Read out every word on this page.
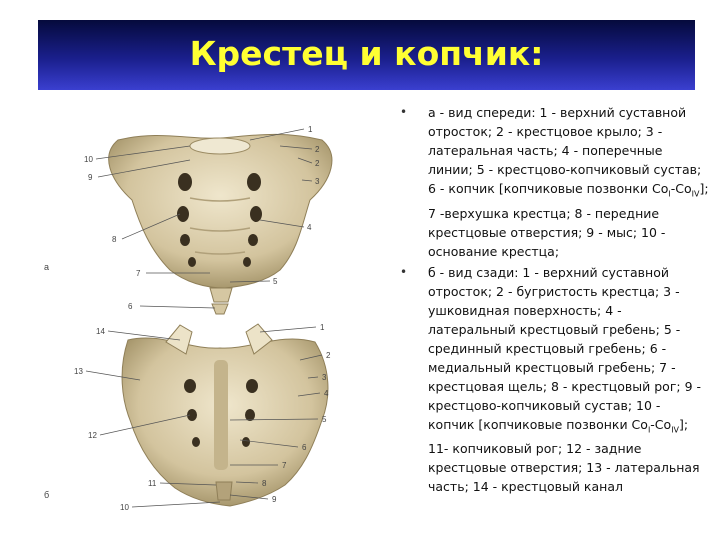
Крестец и копчик:
а
б
1
2
2
3
4
5
6
7
8
9
10
1
2
3
4
5
6
7
8
9
10
11
12
13
14
• а - вид спереди: 1 - верхний суставной отросток; 2 - крестцовое крыло; 3 - латеральная часть; 4 - поперечные линии; 5 - крестцово-копчиковый сустав; 6 - копчик [копчиковые позвонки $Co_I-Co_{IV}$]; 7 -верхушка крестца; 8 - передние крестцовые отверстия; 9 - мыс; 10 - основание крестца;
• б - вид сзади: 1 - верхний суставной отросток; 2 - бугристость крестца; 3 - ушковидная поверхность; 4 - латеральный крестцовый гребень; 5 - срединный крестцовый гребень; 6 - медиальный крестцовый гребень; 7 - крестцовая щель; 8 - крестцовый рог; 9 - крестцово-копчиковый сустав; 10 - копчик [копчиковые позвонки $Co_I-Co_{IV}$]; 11- копчиковый рог; 12 - задние крестцовые отверстия; 13 - латеральная часть; 14 - крестцовый канал
